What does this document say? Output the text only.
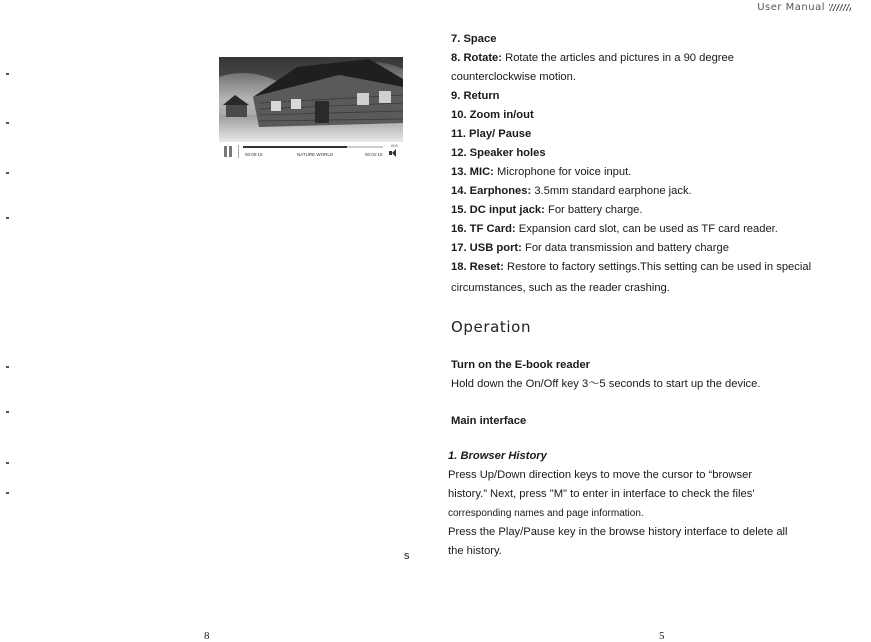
User Manual
00:00:15	NATURE WORLD	00:01:15
003
s
7. Space
8. Rotate: Rotate the articles and pictures in a 90 degree
counterclockwise motion.
9. Return
10. Zoom in/out
11. Play/ Pause
12. Speaker holes
13. MIC: Microphone for voice input.
14. Earphones: 3.5mm standard earphone jack.
15. DC input jack: For battery charge.
16. TF Card: Expansion card slot, can be used as TF card reader.
17. USB port: For data transmission and battery charge
18. Reset: Restore to factory settings.This setting can be used in special
circumstances, such as the reader crashing.
Operation
Turn on the E-book reader
Hold down the On/Off key 3～5 seconds to start up the device.
Main interface
1. Browser History
Press Up/Down direction keys to move the cursor to “browser
history.” Next, press "M" to enter in interface to check the files'
corresponding names and page information.
Press the Play/Pause key in the browse history interface to delete all
the history.
8	5
